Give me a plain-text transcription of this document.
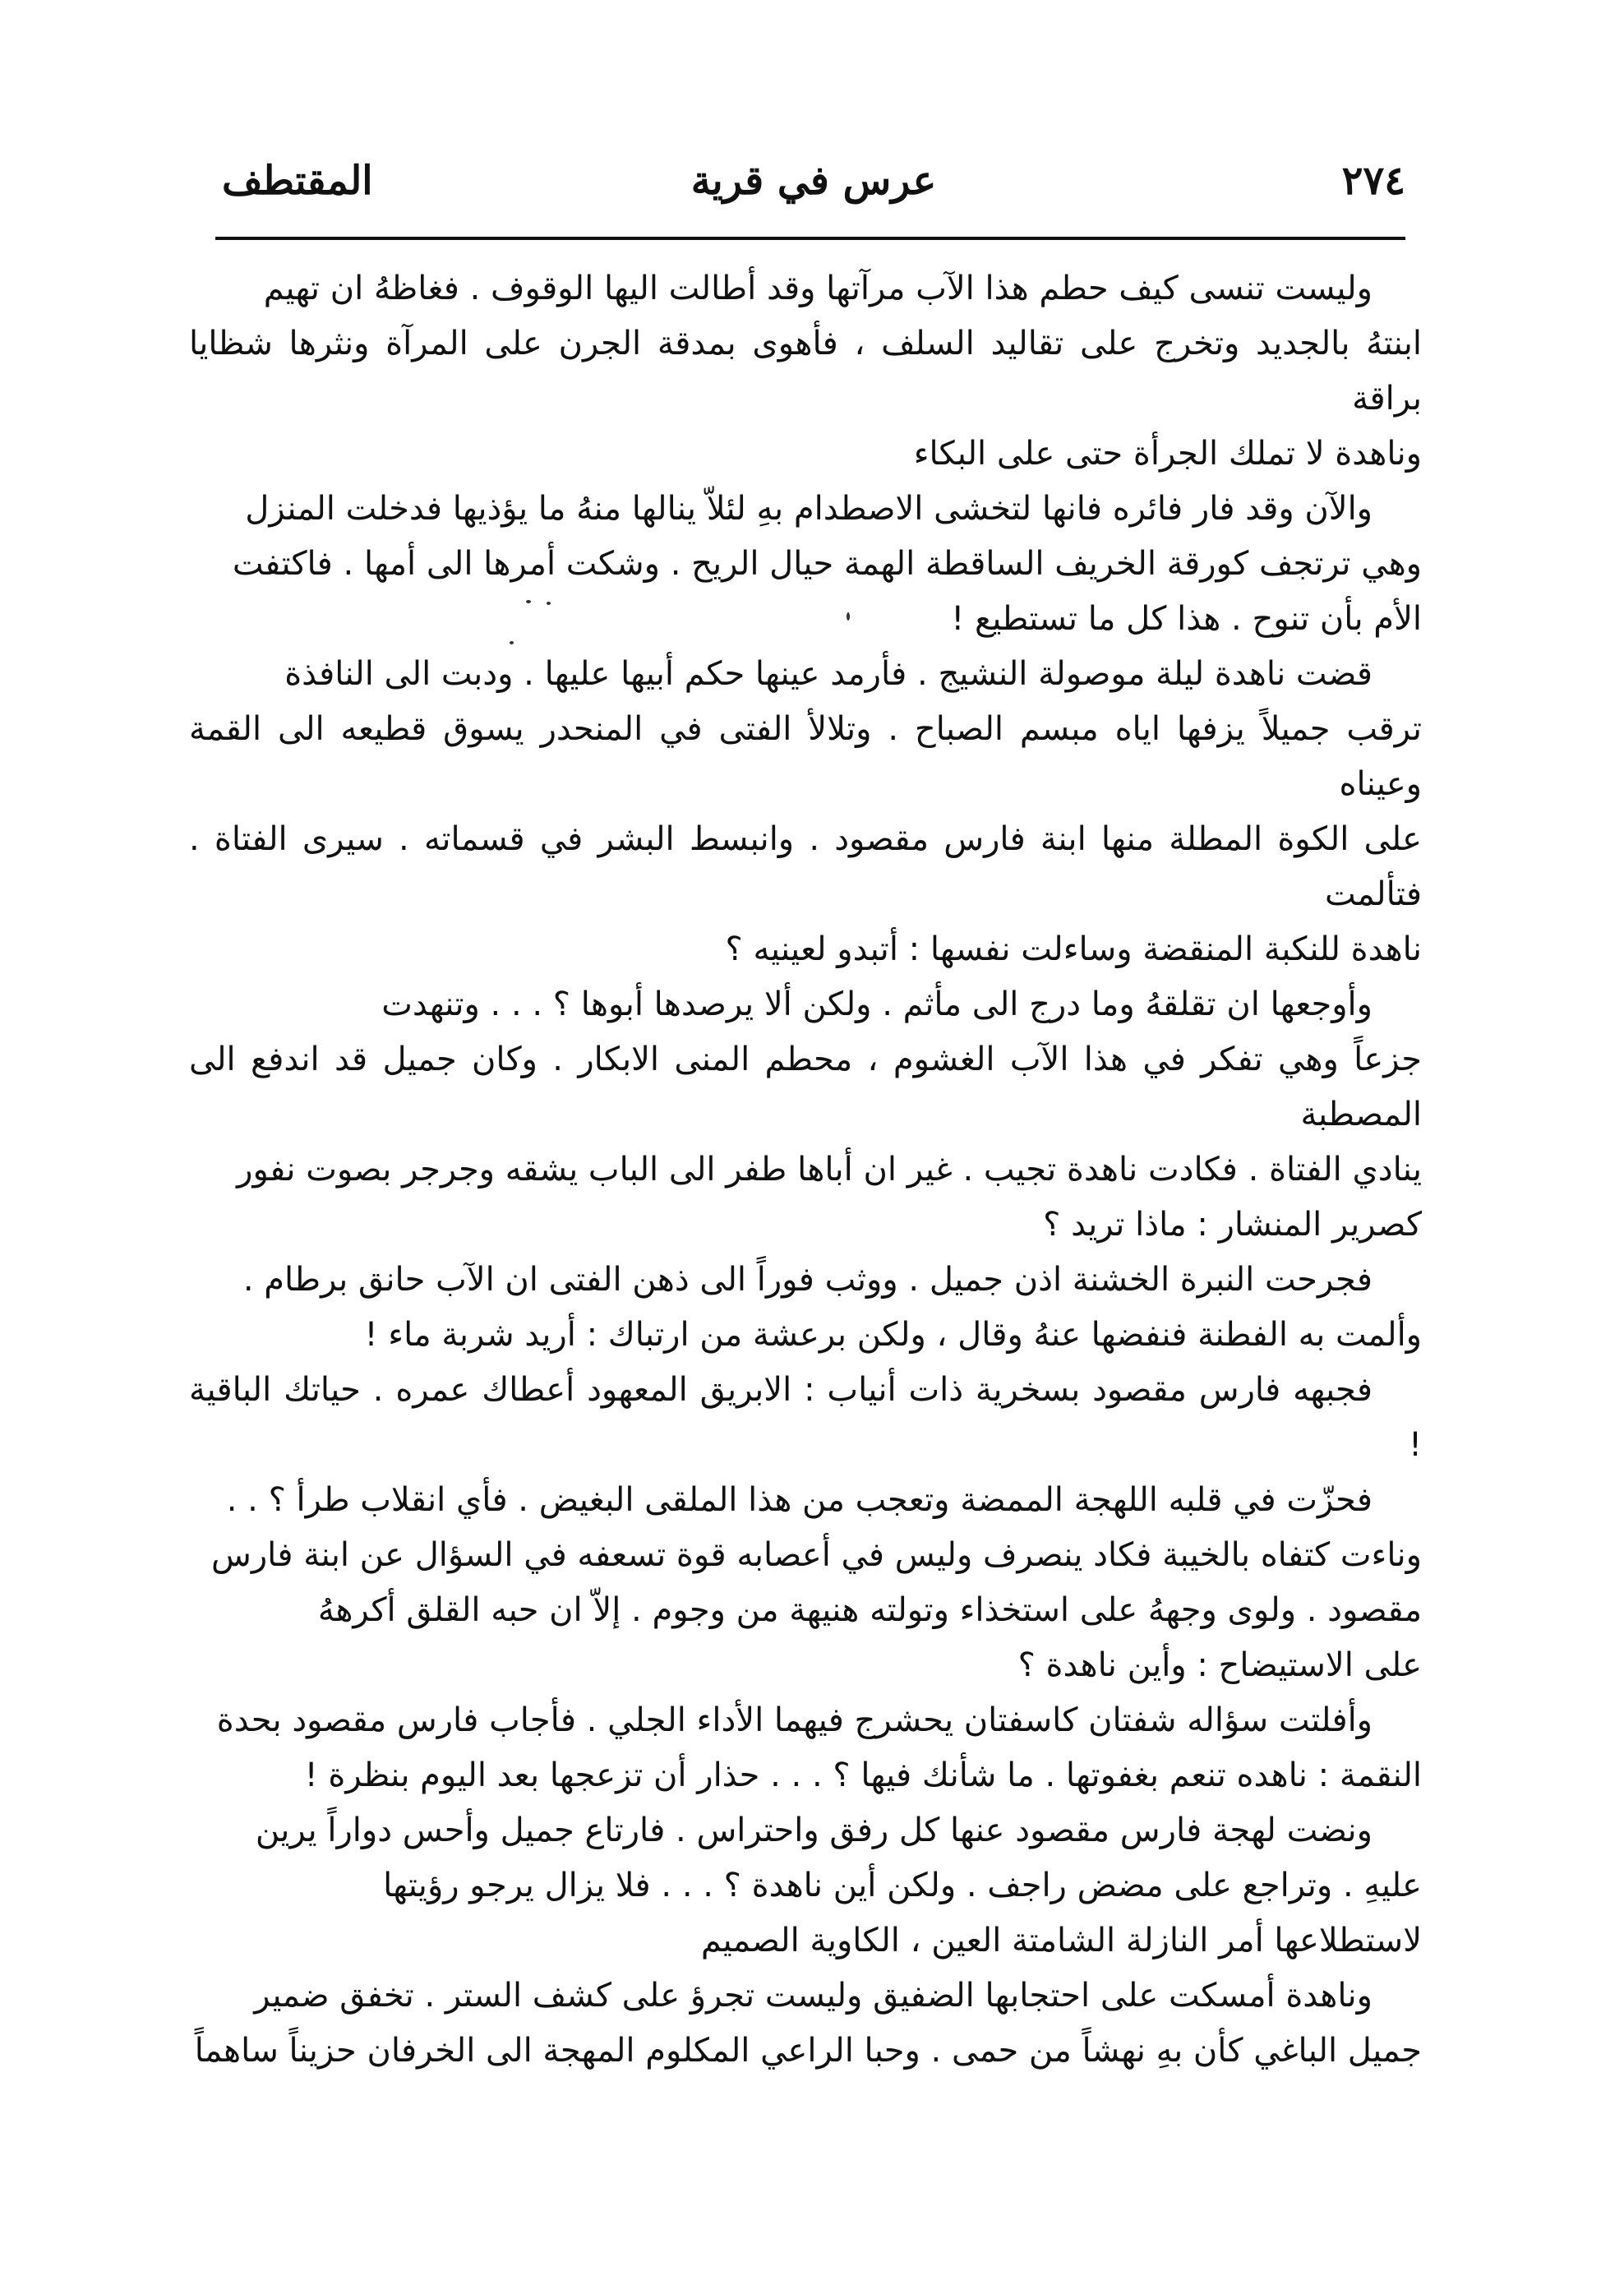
٢٧٤
عرس في قرية
المقتطف

وليست تنسى كيف حطم هذا الآب مرآتها وقد أطالت اليها الوقوف . فغاظهُ ان تهيم
ابنتهُ بالجديد وتخرج على تقاليد السلف ، فأهوى بمدقة الجرن على المرآة ونثرها شظايا براقة
وناهدة لا تملك الجرأة حتى على البكاء

والآن وقد فار فائره فانها لتخشى الاصطدام بهِ لئلاّ ينالها منهُ ما يؤذيها فدخلت المنزل
وهي ترتجف كورقة الخريف الساقطة الهمة حيال الريح . وشكت أمرها الى أمها . فاكتفت
الأم بأن تنوح . هذا كل ما تستطيع !

قضت ناهدة ليلة موصولة النشيج . فأرمد عينها حكم أبيها عليها . ودبت الى النافذة
ترقب جميلاً يزفها اياه مبسم الصباح . وتلالأ الفتى في المنحدر يسوق قطيعه الى القمة وعيناه
على الكوة المطلة منها ابنة فارس مقصود . وانبسط البشر في قسماته . سيرى الفتاة . فتألمت
ناهدة للنكبة المنقضة وساءلت نفسها : أتبدو لعينيه ؟

وأوجعها ان تقلقهُ وما درج الى مأثم . ولكن ألا يرصدها أبوها ؟ . . . وتنهدت
جزعاً وهي تفكر في هذا الآب الغشوم ، محطم المنى الابكار . وكان جميل قد اندفع الى المصطبة
ينادي الفتاة . فكادت ناهدة تجيب . غير ان أباها طفر الى الباب يشقه وجرجر بصوت نفور
كصرير المنشار : ماذا تريد ؟

فجرحت النبرة الخشنة اذن جميل . ووثب فوراً الى ذهن الفتى ان الآب حانق برطام .
وألمت به الفطنة فنفضها عنهُ وقال ، ولكن برعشة من ارتباك : أريد شربة ماء !

فجبهه فارس مقصود بسخرية ذات أنياب : الابريق المعهود أعطاك عمره . حياتك الباقية !

فحزّت في قلبه اللهجة الممضة وتعجب من هذا الملقى البغيض . فأي انقلاب طرأ ؟ . .
وناءت كتفاه بالخيبة فكاد ينصرف وليس في أعصابه قوة تسعفه في السؤال عن ابنة فارس
مقصود . ولوى وجههُ على استخذاء وتولته هنيهة من وجوم . إلاّ ان حبه القلق أكرههُ
على الاستيضاح : وأين ناهدة ؟

وأفلتت سؤاله شفتان كاسفتان يحشرج فيهما الأداء الجلي . فأجاب فارس مقصود بحدة
النقمة : ناهده تنعم بغفوتها . ما شأنك فيها ؟ . . . حذار أن تزعجها بعد اليوم بنظرة !

ونضت لهجة فارس مقصود عنها كل رفق واحتراس . فارتاع جميل وأحس دواراً يرين
عليهِ . وتراجع على مضض راجف . ولكن أين ناهدة ؟ . . . فلا يزال يرجو رؤيتها
لاستطلاعها أمر النازلة الشامتة العين ، الكاوية الصميم

وناهدة أمسكت على احتجابها الضفيق وليست تجرؤ على كشف الستر . تخفق ضمير
جميل الباغي كأن بهِ نهشاً من حمى . وحبا الراعي المكلوم المهجة الى الخرفان حزيناً ساهماً
